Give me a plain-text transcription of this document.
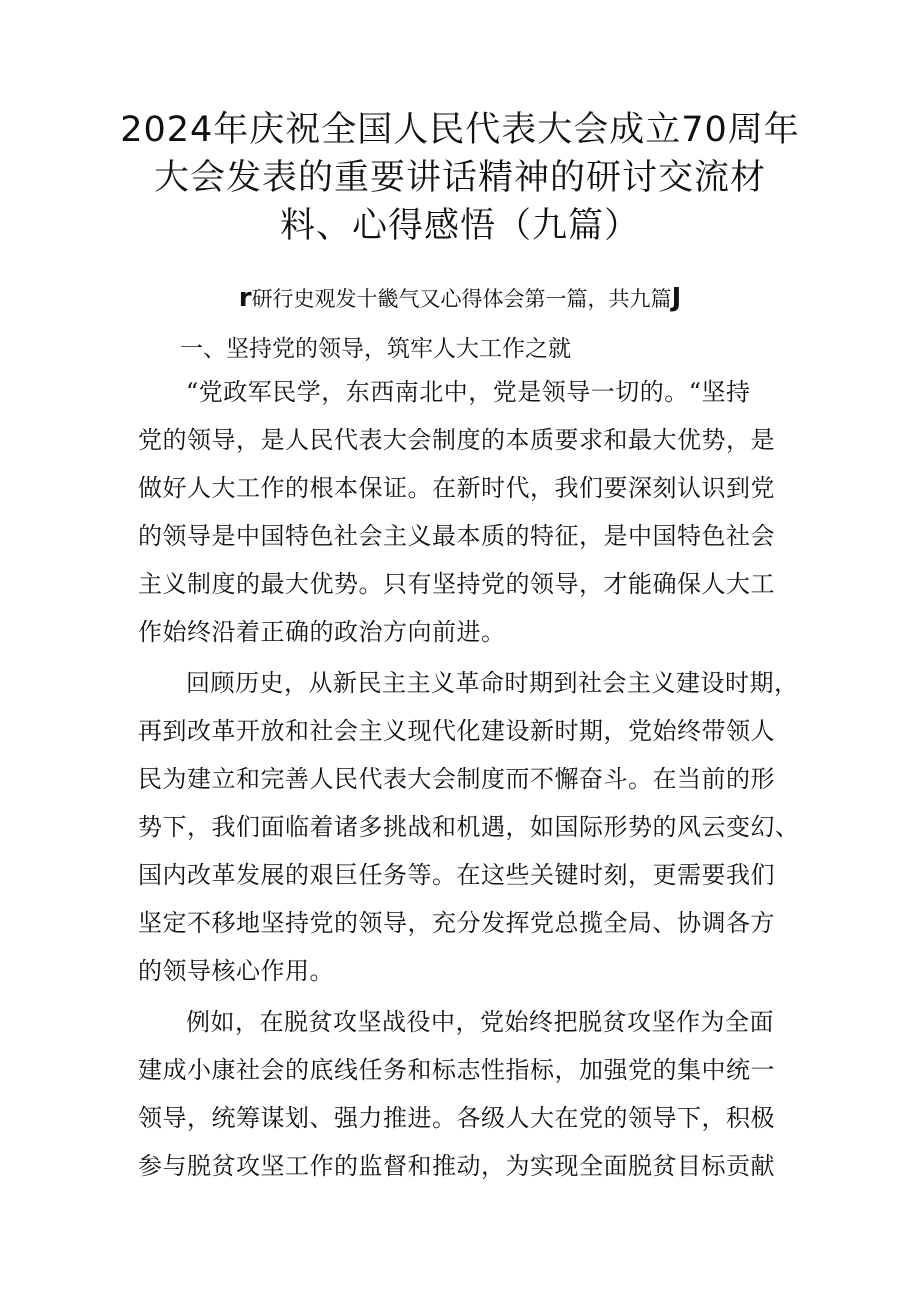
2024年庆祝全国人民代表大会成立70周年
大会发表的重要讲话精神的研讨交流材
料、心得感悟（九篇）
r研行史观发十畿气又心得体会第一篇，共九篇J
一、坚持党的领导，筑牢人大工作之就
“党政军民学，东西南北中，党是领导一切的。“坚持
党的领导，是人民代表大会制度的本质要求和最大优势，是
做好人大工作的根本保证。在新时代，我们要深刻认识到党
的领导是中国特色社会主义最本质的特征，是中国特色社会
主义制度的最大优势。只有坚持党的领导，才能确保人大工
作始终沿着正确的政治方向前进。
回顾历史，从新民主主义革命时期到社会主义建设时期，
再到改革开放和社会主义现代化建设新时期，党始终带领人
民为建立和完善人民代表大会制度而不懈奋斗。在当前的形
势下，我们面临着诸多挑战和机遇，如国际形势的风云变幻、
国内改革发展的艰巨任务等。在这些关键时刻，更需要我们
坚定不移地坚持党的领导，充分发挥党总揽全局、协调各方
的领导核心作用。
例如，在脱贫攻坚战役中，党始终把脱贫攻坚作为全面
建成小康社会的底线任务和标志性指标，加强党的集中统一
领导，统筹谋划、强力推进。各级人大在党的领导下，积极
参与脱贫攻坚工作的监督和推动，为实现全面脱贫目标贡献
